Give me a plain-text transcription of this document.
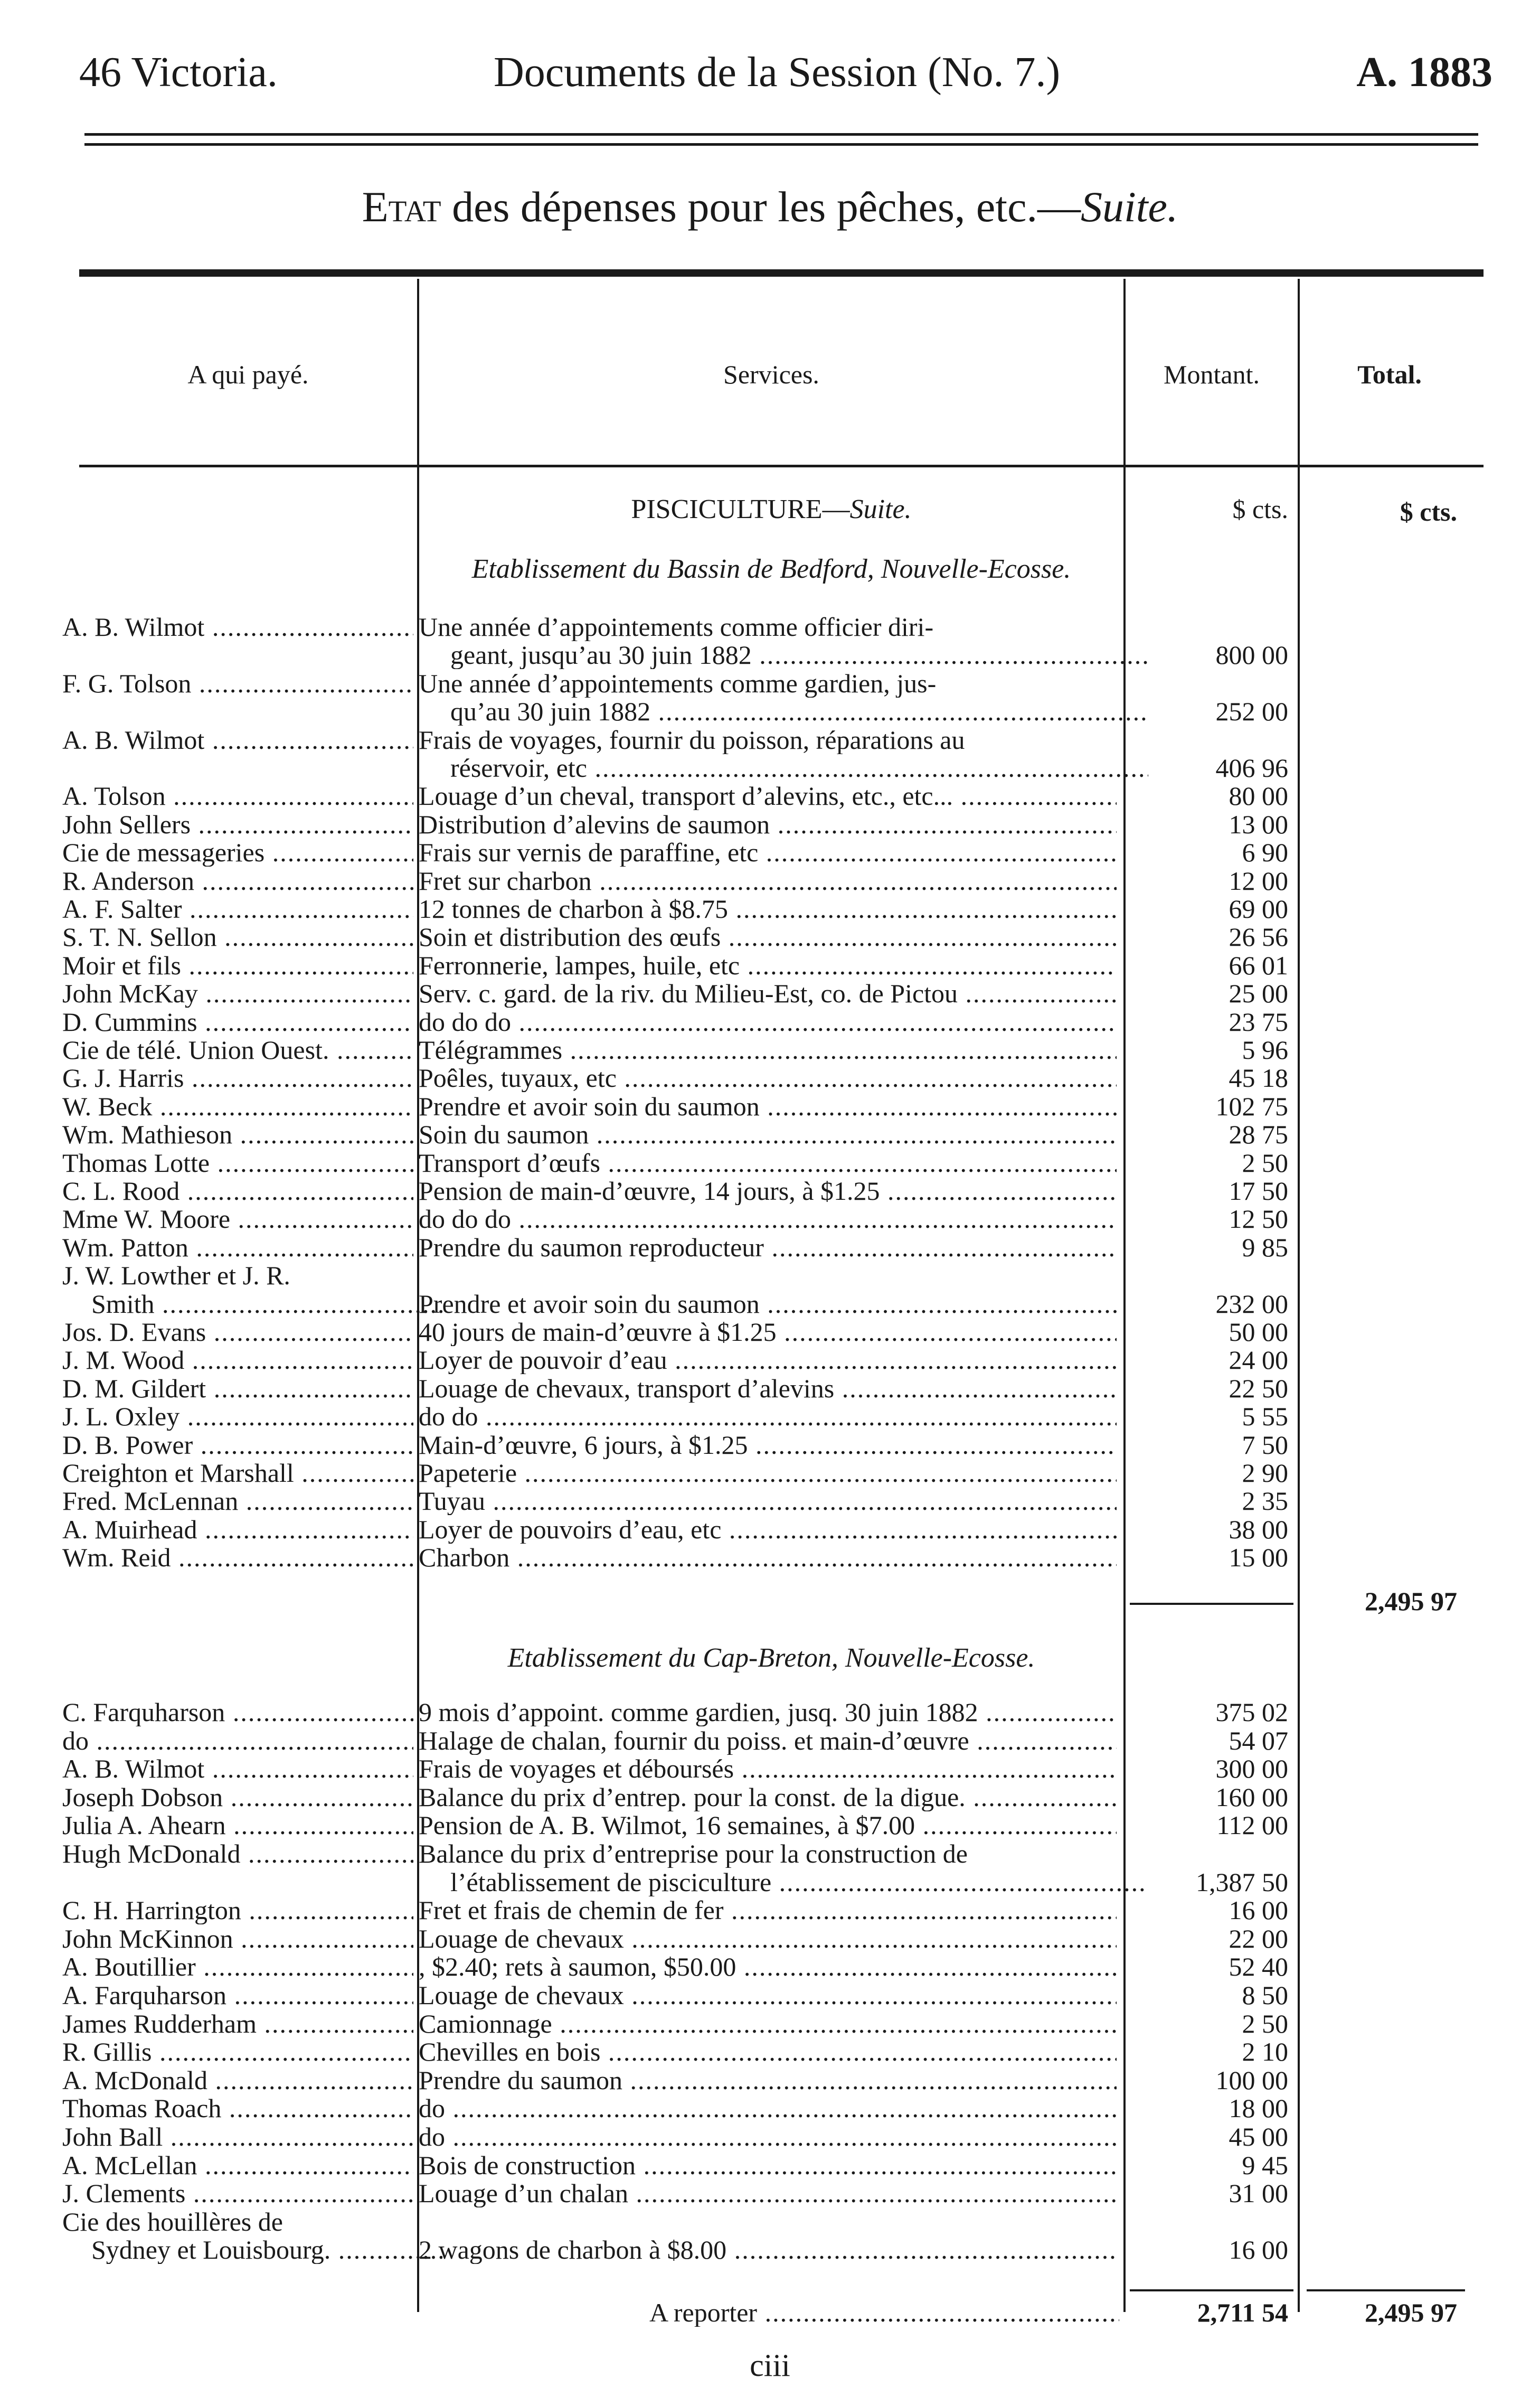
46 Victoria.	Documents de la Session (No. 7.)	A. 1883
Etat des dépenses pour les pêches, etc.—Suite.
A qui payé.	Services.	Montant.	Total.
PISCICULTURE—Suite.	$ cts.	$ cts.
Etablissement du Bassin de Bedford, Nouvelle-Ecosse.
A. B. Wilmot .....	Une année d’appointements comme officier diri-
geant, jusqu’au 30 juin 1882 .....	800 00
F. G. Tolson .....	Une année d’appointements comme gardien, jus-
qu’au 30 juin 1882 .....	252 00
A. B. Wilmot .....	Frais de voyages, fournir du poisson, réparations au
réservoir, etc .....	406 96
A. Tolson .....	Louage d’un cheval, transport d’alevins, etc., etc... .....	80 00
John Sellers .....	Distribution d’alevins de saumon .....	13 00
Cie de messageries .....	Frais sur vernis de paraffine, etc .....	6 90
R. Anderson .....	Fret sur charbon .....	12 00
A. F. Salter .....	12 tonnes de charbon à $8.75 .....	69 00
S. T. N. Sellon .....	Soin et distribution des œufs .....	26 56
Moir et fils .....	Ferronnerie, lampes, huile, etc .....	66 01
John McKay .....	Serv. c. gard. de la riv. du Milieu-Est, co. de Pictou .....	25 00
D. Cummins .....	do do do .....	23 75
Cie de télé. Union Ouest. .....	Télégrammes .....	5 96
G. J. Harris .....	Poêles, tuyaux, etc .....	45 18
W. Beck .....	Prendre et avoir soin du saumon .....	102 75
Wm. Mathieson .....	Soin du saumon .....	28 75
Thomas Lotte .....	Transport d’œufs .....	2 50
C. L. Rood .....	Pension de main-d’œuvre, 14 jours, à $1.25 .....	17 50
Mme W. Moore .....	do do do .....	12 50
Wm. Patton .....	Prendre du saumon reproducteur .....	9 85
J. W. Lowther et J. R.
Smith .....	Prendre et avoir soin du saumon .....	232 00
Jos. D. Evans .....	40 jours de main-d’œuvre à $1.25 .....	50 00
J. M. Wood .....	Loyer de pouvoir d’eau .....	24 00
D. M. Gildert .....	Louage de chevaux, transport d’alevins .....	22 50
J. L. Oxley .....	do do .....	5 55
D. B. Power .....	Main-d’œuvre, 6 jours, à $1.25 .....	7 50
Creighton et Marshall .....	Papeterie .....	2 90
Fred. McLennan .....	Tuyau .....	2 35
A. Muirhead .....	Loyer de pouvoirs d’eau, etc .....	38 00
Wm. Reid .....	Charbon .....	15 00
2,495 97
Etablissement du Cap-Breton, Nouvelle-Ecosse.
C. Farquharson .....	9 mois d’appoint. comme gardien, jusq. 30 juin 1882 .....	375 02
do .....	Halage de chalan, fournir du poiss. et main-d’œuvre .....	54 07
A. B. Wilmot .....	Frais de voyages et déboursés .....	300 00
Joseph Dobson .....	Balance du prix d’entrep. pour la const. de la digue. .....	160 00
Julia A. Ahearn .....	Pension de A. B. Wilmot, 16 semaines, à $7.00 .....	112 00
Hugh McDonald .....	Balance du prix d’entreprise pour la construction de
l’établissement de pisciculture .....	1,387 50
C. H. Harrington .....	Fret et frais de chemin de fer .....	16 00
John McKinnon .....	Louage de chevaux .....	22 00
A. Boutillier .....	, $2.40; rets à saumon, $50.00 .....	52 40
A. Farquharson .....	Louage de chevaux .....	8 50
James Rudderham .....	Camionnage .....	2 50
R. Gillis .....	Chevilles en bois .....	2 10
A. McDonald .....	Prendre du saumon .....	100 00
Thomas Roach .....	do .....	18 00
John Ball .....	do .....	45 00
A. McLellan .....	Bois de construction .....	9 45
J. Clements .....	Louage d’un chalan .....	31 00
Cie des houillères de
Sydney et Louisbourg. .....	2 wagons de charbon à $8.00 .....	16 00
A reporter .....	2,711 54	2,495 97
ciii
